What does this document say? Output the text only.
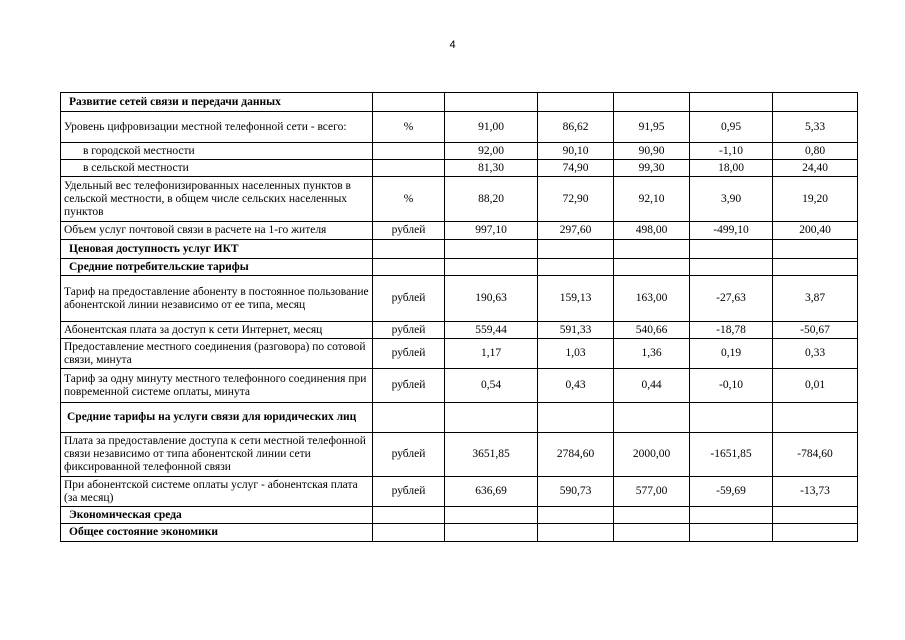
4
Развитие сетей связи и передачи данных						
Уровень цифровизации местной телефонной сети - всего:	%	91,00	86,62	91,95	0,95	5,33
в городской местности		92,00	90,10	90,90	-1,10	0,80
в сельской местности		81,30	74,90	99,30	18,00	24,40
Удельный вес телефонизированных населенных пунктов в сельской местности, в общем числе сельских населенных пунктов	%	88,20	72,90	92,10	3,90	19,20
Объем услуг почтовой связи в расчете на 1-го жителя	рублей	997,10	297,60	498,00	-499,10	200,40
Ценовая доступность услуг ИКТ						
Средние потребительские тарифы						
Тариф на предоставление абоненту в постоянное пользование абонентской линии независимо от ее типа, месяц	рублей	190,63	159,13	163,00	-27,63	3,87
Абонентская плата за доступ к сети Интернет, месяц	рублей	559,44	591,33	540,66	-18,78	-50,67
Предоставление местного соединения (разговора) по сотовой связи, минута	рублей	1,17	1,03	1,36	0,19	0,33
Тариф за одну минуту местного телефонного соединения при повременной системе оплаты, минута	рублей	0,54	0,43	0,44	-0,10	0,01
Средние тарифы на услуги связи для юридических лиц						
Плата за предоставление доступа к сети местной телефонной связи независимо от типа абонентской линии сети фиксированной телефонной связи	рублей	3651,85	2784,60	2000,00	-1651,85	-784,60
При абонентской системе оплаты услуг - абонентская плата (за месяц)	рублей	636,69	590,73	577,00	-59,69	-13,73
Экономическая среда						
Общее состояние экономики						
